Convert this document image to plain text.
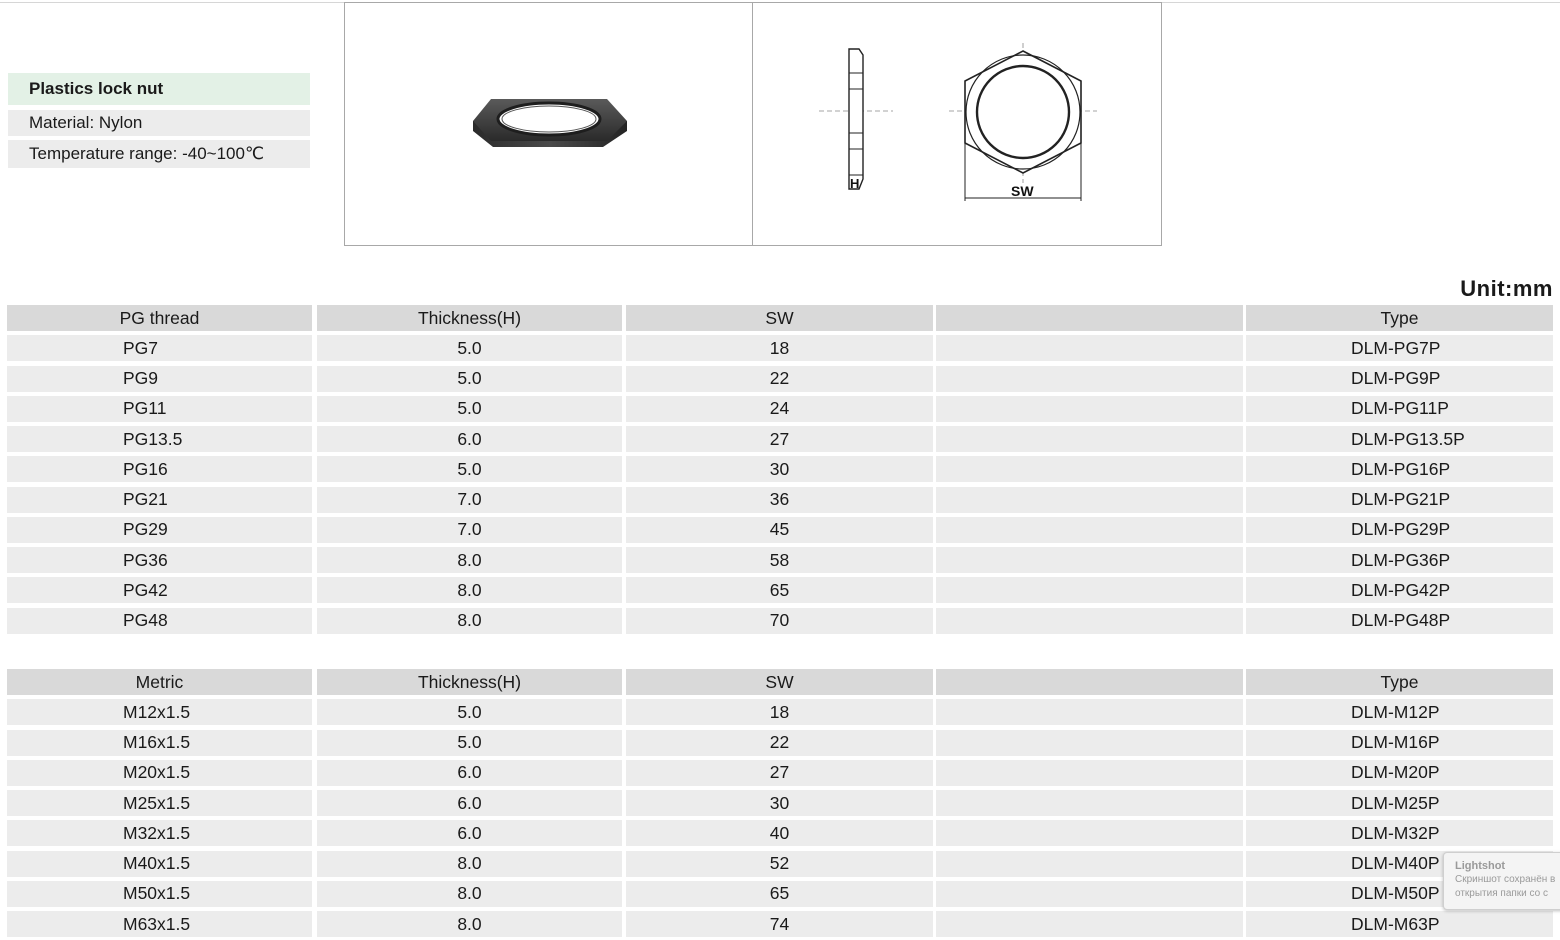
Plastics lock nut
Material: Nylon
Temperature range: -40~100℃
H	SW
Unit:mm
PG thread	Thickness(H)	SW	Type
PG7	5.0	18	DLM-PG7P
PG9	5.0	22	DLM-PG9P
PG11	5.0	24	DLM-PG11P
PG13.5	6.0	27	DLM-PG13.5P
PG16	5.0	30	DLM-PG16P
PG21	7.0	36	DLM-PG21P
PG29	7.0	45	DLM-PG29P
PG36	8.0	58	DLM-PG36P
PG42	8.0	65	DLM-PG42P
PG48	8.0	70	DLM-PG48P
Metric	Thickness(H)	SW	Type
M12x1.5	5.0	18	DLM-M12P
M16x1.5	5.0	22	DLM-M16P
M20x1.5	6.0	27	DLM-M20P
M25x1.5	6.0	30	DLM-M25P
M32x1.5	6.0	40	DLM-M32P
M40x1.5	8.0	52	DLM-M40P
M50x1.5	8.0	65	DLM-M50P
M63x1.5	8.0	74	DLM-M63P
Lightshot
Скриншот сохранён в
открытия папки со с
